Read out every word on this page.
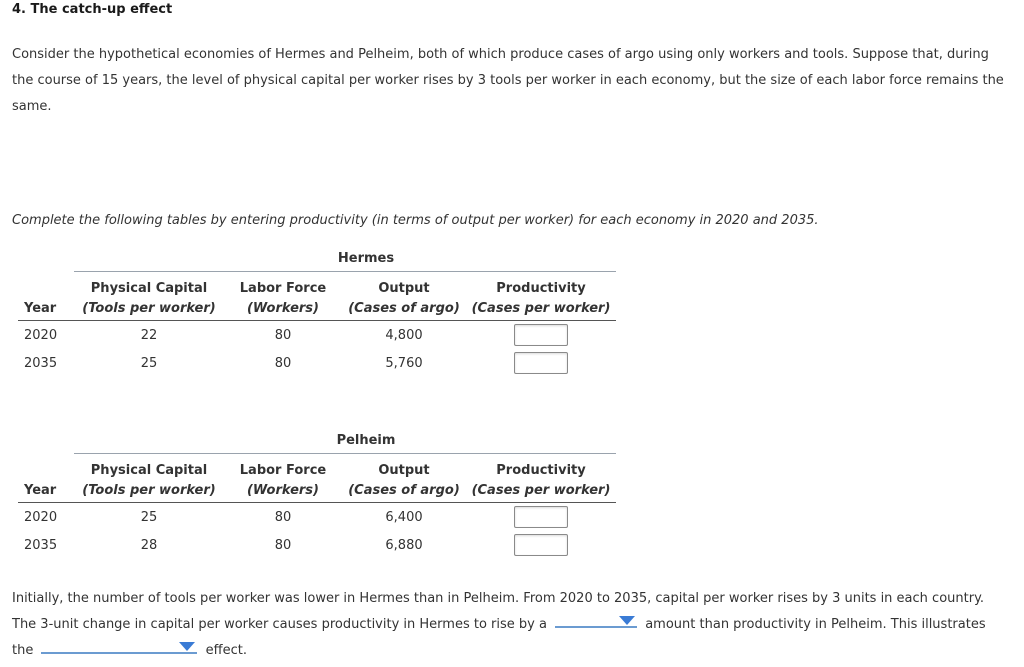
4. The catch-up effect
Consider the hypothetical economies of Hermes and Pelheim, both of which produce cases of argo using only workers and tools. Suppose that, during the course of 15 years, the level of physical capital per worker rises by 3 tools per worker in each economy, but the size of each labor force remains the same.
Complete the following tables by entering productivity (in terms of output per worker) for each economy in 2020 and 2035.
Hermes
	Physical Capital	Labor Force	Output	Productivity
Year	(Tools per worker)	(Workers)	(Cases of argo)	(Cases per worker)
2020	22	80	4,800	
2035	25	80	5,760	
Pelheim
	Physical Capital	Labor Force	Output	Productivity
Year	(Tools per worker)	(Workers)	(Cases of argo)	(Cases per worker)
2020	25	80	6,400	
2035	28	80	6,880	
Initially, the number of tools per worker was lower in Hermes than in Pelheim. From 2020 to 2035, capital per worker rises by 3 units in each country.
The 3-unit change in capital per worker causes productivity in Hermes to rise by a	amount than productivity in Pelheim. This illustrates
the	effect.
